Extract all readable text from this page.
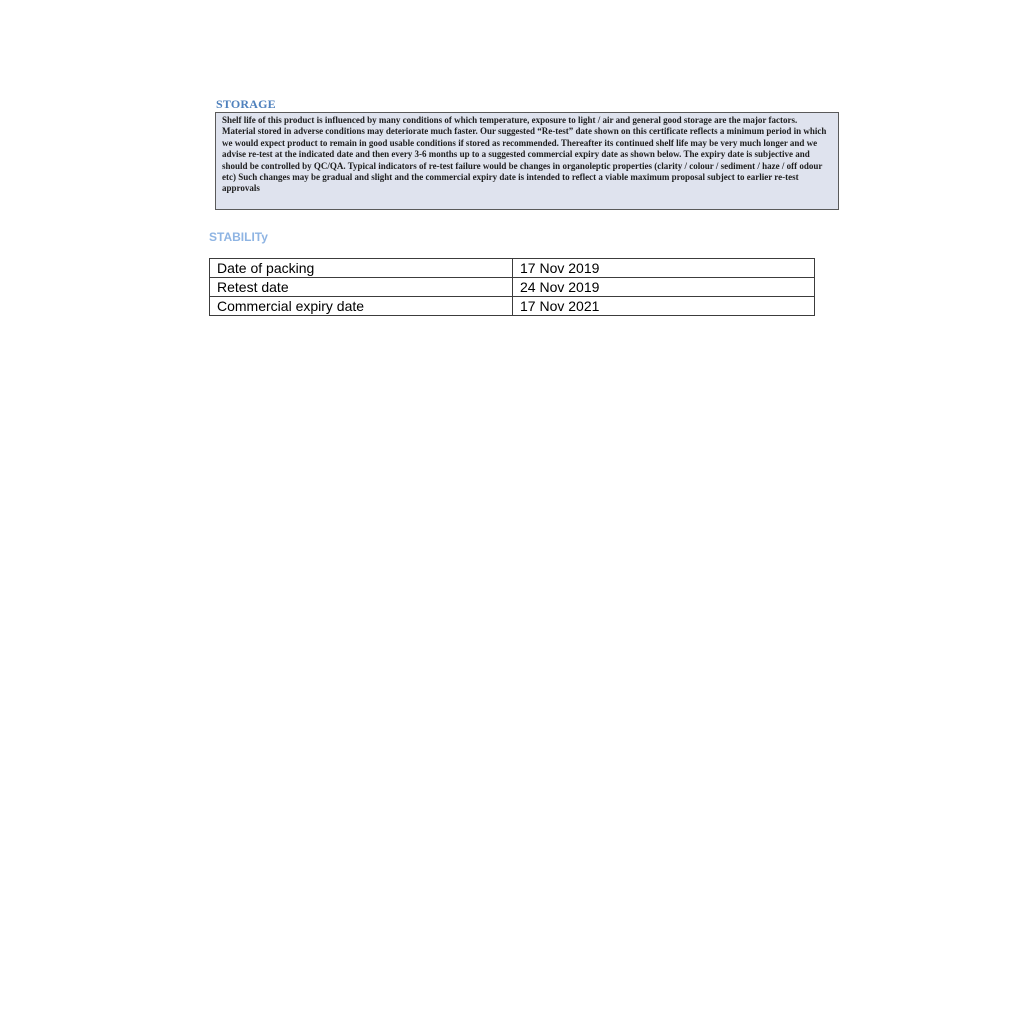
STORAGE

Shelf life of this product is influenced by many conditions of which temperature, exposure to light / air and general good storage are the major factors. Material stored in adverse conditions may deteriorate much faster. Our suggested “Re-test” date shown on this certificate reflects a minimum period in which we would expect product to remain in good usable conditions if stored as recommended. Thereafter its continued shelf life may be very much longer and we advise re-test at the indicated date and then every 3-6 months up to a suggested commercial expiry date as shown below. The expiry date is subjective and should be controlled by QC/QA. Typical indicators of re-test failure would be changes in organoleptic properties (clarity / colour / sediment / haze / off odour etc) Such changes may be gradual and slight and the commercial expiry date is intended to reflect a viable maximum proposal subject to earlier re-test approvals

STABILITy
Date of packing	17 Nov 2019
Retest date	24 Nov 2019
Commercial expiry date	17 Nov 2021
